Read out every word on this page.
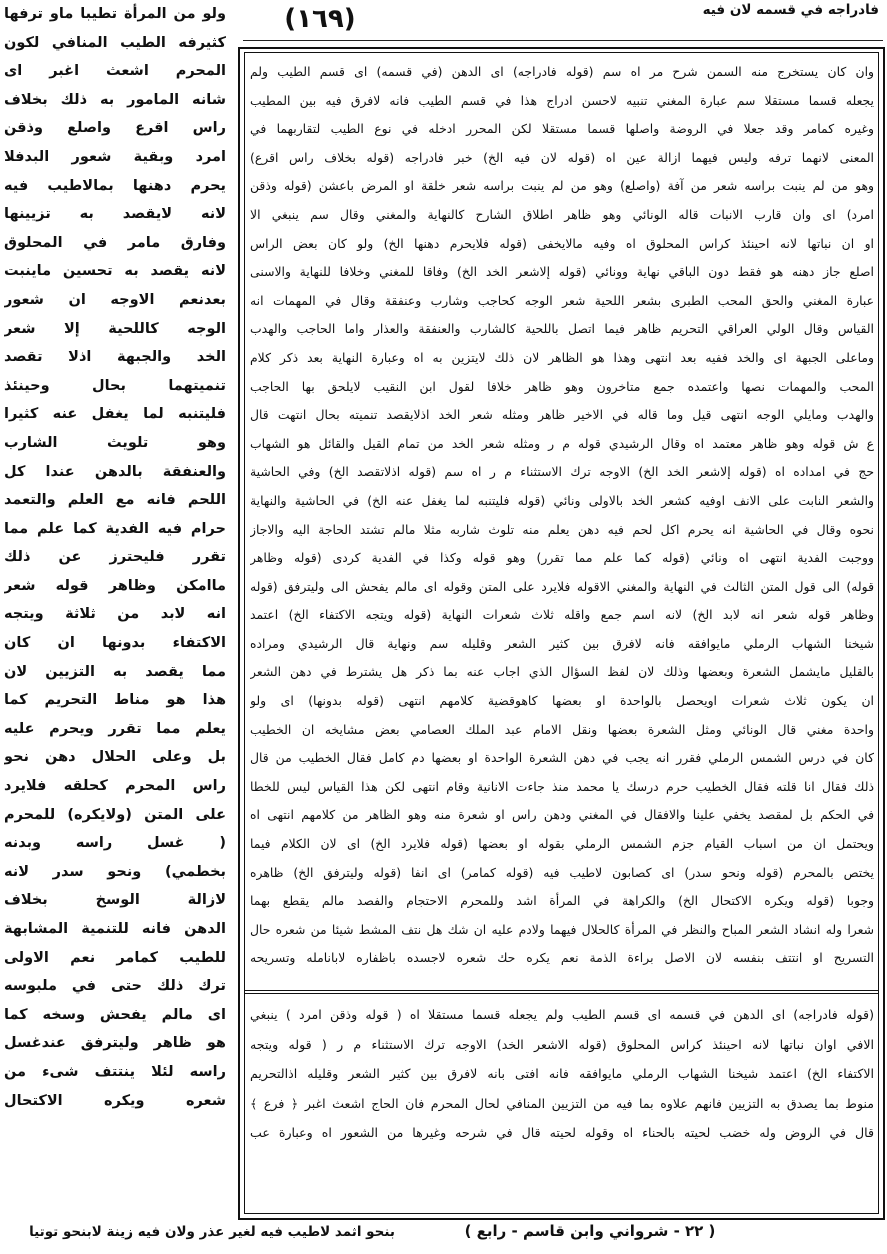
فادراجه في قسمه لان فيه
(١٦٩)
ولو من المرأة تطيبا ماو ترفها
كثيرفه الطيب المنافي لكون
المحرم اشعث اغبر اى
شانه المامور به ذلك بخلاف
راس اقرع واصلع وذقن
امرد وبقية شعور البدفلا
يحرم دهنها بمالاطيب فيه
لانه لايقصد به تزيينها
وفارق مامر في المحلوق
لانه يقصد به تحسين ماينبت
بعدنعم الاوجه ان شعور
الوجه كاللحية إلا شعر
الخد والجبهة اذلا تقصد
تنميتهما بحال وحينئذ
فليتنبه لما يغفل عنه كثيرا
وهو تلويث الشارب
والعنفقة بالدهن عندا كل
اللحم فانه مع العلم والتعمد
حرام فيه الفدية كما علم مما
تقرر فليحترز عن ذلك
ماامكن وظاهر قوله شعر
انه لابد من ثلاثة ويتجه
الاكتفاء بدونها ان كان
مما يقصد به التزيين لان
هذا هو مناط التحريم كما
يعلم مما تقرر ويحرم عليه
بل وعلى الحلال دهن نحو
راس المحرم كحلقه فلايرد
على المتن (ولايكره) للمحرم
( غسل راسه وبدنه
بخطمي) ونحو سدر لانه
لازالة الوسخ بخلاف
الدهن فانه للتنمية المشابهة
للطيب كمامر نعم الاولى
ترك ذلك حتى في ملبوسه
اى مالم يفحش وسخه كما
هو ظاهر وليترفق عندغسل
راسه لئلا ينتتف شىء من
شعره ويكره الاكتحال
وان كان يستخرج منه السمن شرح مر اه سم (قوله فادراجه) اى الدهن (في قسمه) اى قسم الطيب ولم
يجعله قسما مستقلا سم عبارة المغني تنبيه لاحسن ادراج هذا في قسم الطيب فانه لافرق فيه بين المطيب
وغيره كمامر وقد جعلا في الروضة واصلها قسما مستقلا لكن المحرر ادخله في نوع الطيب لتقاربهما في
المعنى لانهما ترفه وليس فيهما ازالة عين اه (قوله لان فيه الخ) خبر فادراجه (قوله بخلاف راس اقرع)
وهو من لم ينبت براسه شعر من آفة (واصلع) وهو من لم ينبت براسه شعر خلقة او المرض باعشن (قوله وذقن
امرد) اى وان قارب الانبات قاله الونائي وهو ظاهر اطلاق الشارح كالنهاية والمغني وقال سم ينبغي الا
او ان نباتها لانه احينئذ كراس المحلوق اه وفيه مالايخفى (قوله فلايحرم دهنها الخ) ولو كان بعض الراس
اصلع جاز دهنه هو فقط دون الباقي نهاية وونائي (قوله إلاشعر الخد الخ) وفاقا للمغني وخلافا للنهاية والاسنى
عبارة المغني والحق المحب الطبرى بشعر اللحية شعر الوجه كحاجب وشارب وعنفقة وقال في المهمات انه
القياس وقال الولي العراقي التحريم ظاهر فيما اتصل باللحية كالشارب والعنفقة والعذار واما الحاجب والهدب
وماعلى الجبهة اى والخد ففيه بعد انتهى وهذا هو الظاهر لان ذلك لايتزين به اه وعبارة النهاية بعد ذكر كلام
المحب والمهمات نصها واعتمده جمع متاخرون وهو ظاهر خلافا لقول ابن النقيب لايلحق بها الحاجب
والهدب ومايلي الوجه انتهى قيل وما قاله في الاخير ظاهر ومثله شعر الخد اذلايقصد تنميته بحال انتهت قال
ع ش قوله وهو ظاهر معتمد اه وقال الرشيدي قوله م ر ومثله شعر الخد من تمام القيل والقائل هو الشهاب
حج في امداده اه (قوله إلاشعر الخد الخ) الاوجه ترك الاستثناء م ر اه سم (قوله اذلاتقصد الخ) وفي الحاشية
والشعر النابت على الانف اوفيه كشعر الخد بالاولى ونائي (قوله فليتنبه لما يغفل عنه الخ) في الحاشية والنهاية
نحوه وقال في الحاشية انه يحرم اكل لحم فيه دهن يعلم منه تلوث شاربه مثلا مالم تشتد الحاجة اليه والاجاز
ووجبت الفدية انتهى اه ونائي (قوله كما علم مما تقرر) وهو قوله وكذا في الفدية كردى (قوله وظاهر
قوله) الى قول المتن الثالث في النهاية والمغني الاقوله فلايرد على المتن وقوله اى مالم يفحش الى وليترفق (قوله
وظاهر قوله شعر انه لابد الخ) لانه اسم جمع واقله ثلاث شعرات النهاية (قوله ويتجه الاكتفاء الخ) اعتمد
شيخنا الشهاب الرملي مايوافقه فانه لافرق بين كثير الشعر وقليله سم ونهاية قال الرشيدي ومراده
بالقليل مايشمل الشعرة وبعضها وذلك لان لفظ السؤال الذي اجاب عنه بما ذكر هل يشترط في دهن الشعر
ان يكون ثلاث شعرات اويحصل بالواحدة او بعضها كاهوقضية كلامهم انتهى (قوله بدونها) اى ولو
واحدة مغني قال الونائي ومثل الشعرة بعضها ونقل الامام عبد الملك العصامي بعض مشايخه ان الخطيب
كان في درس الشمس الرملي فقرر انه يجب في دهن الشعرة الواحدة او بعضها دم كامل فقال الخطيب من قال
ذلك فقال انا قلته فقال الخطيب حرم درسك يا محمد منذ جاءت الانانية وقام انتهى لكن هذا القياس ليس للخطا
في الحكم بل لمقصد يخفي علينا والافقال في المغني ودهن راس او شعرة منه وهو الظاهر من كلامهم انتهى اه
ويحتمل ان من اسباب القيام جزم الشمس الرملي بقوله او بعضها (قوله فلايرد الخ) اى لان الكلام فيما
يختص بالمحرم (قوله ونحو سدر) اى كصابون لاطيب فيه (قوله كمامر) اى انفا (قوله وليترفق الخ) ظاهره
وجوبا (قوله ويكره الاكتحال الخ) والكراهة في المرأة اشد وللمحرم الاحتجام والفصد مالم يقطع بهما
شعرا وله انشاد الشعر المباح والنظر في المرأة كالحلال فيهما ولادم عليه ان شك هل نتف المشط شيئا من شعره حال
التسريح او انتتف بنفسه لان الاصل براءة الذمة نعم يكره حك شعره لاجسده باظفاره لابانامله وتسريحه
(قوله فادراجه) اى الدهن في قسمه اى قسم الطيب ولم يجعله قسما مستقلا اه ( قوله وذقن امرد ) ينبغي
الافي اوان نباتها لانه احينئذ كراس المحلوق (قوله الاشعر الخد) الاوجه ترك الاستثناء م ر ( قوله ويتجه
الاكتفاء الخ) اعتمد شيخنا الشهاب الرملي مايوافقه فانه افتى بانه لافرق بين كثير الشعر وقليله اذالتحريم
منوط بما يصدق به التزيين فانهم علاوه بما فيه من التزيين المنافي لحال المحرم فان الحاج اشعث اغبر ﴿ فرع ﴾
قال في الروض وله خضب لحيته بالحناء اه وقوله لحيته قال في شرحه وغيرها من الشعور اه وعبارة عب
( ٢٢ - شرواني وابن قاسم - رابع )
بنحو اثمد لاطيب فيه لغير عذر ولان فيه زينة لابنحو توتيا
